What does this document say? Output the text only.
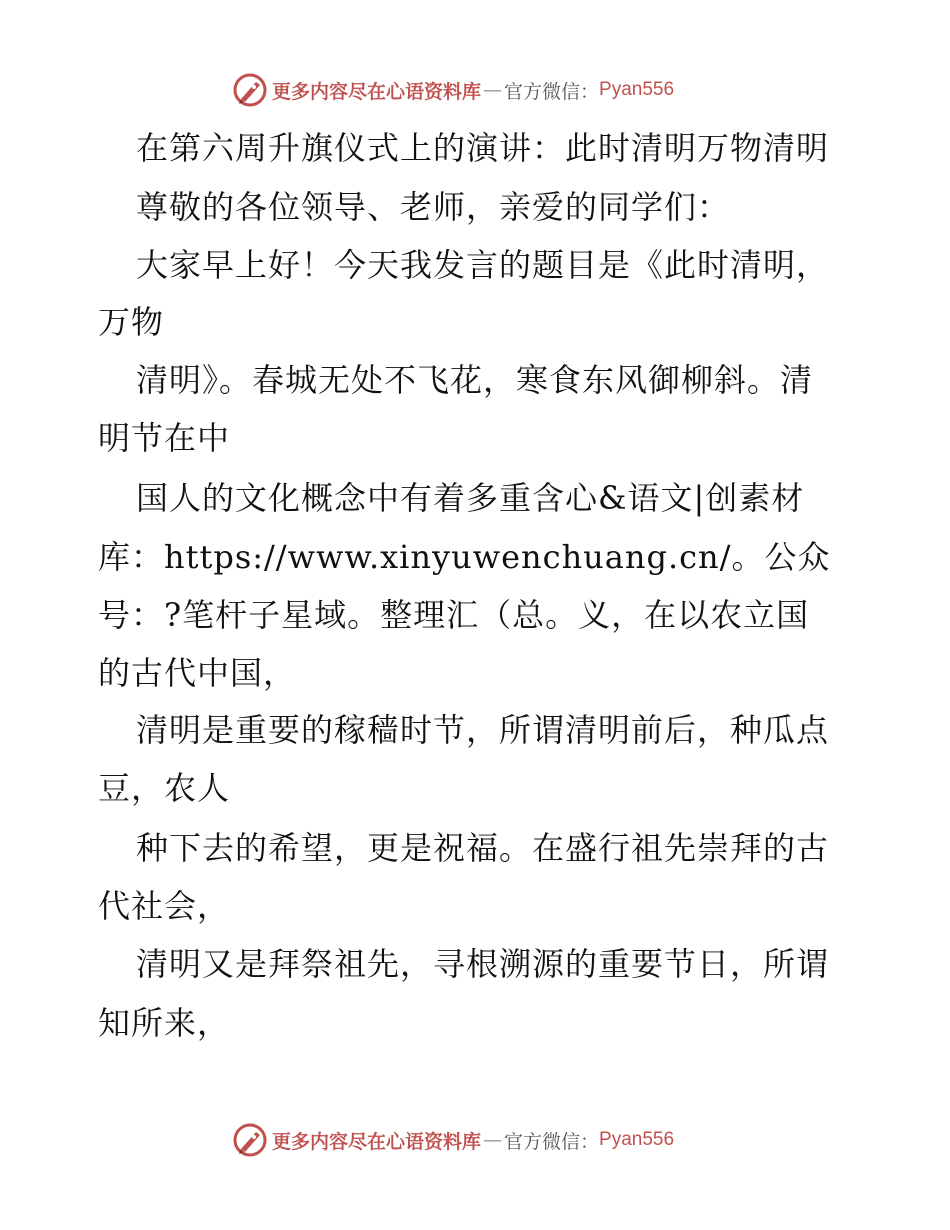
更多内容尽在心语资料库 — 官方微信： Pyan556
在第六周升旗仪式上的演讲：此时清明万物清明
尊敬的各位领导、老师，亲爱的同学们：
大家早上好！今天我发言的题目是《此时清明，
万物
清明》。春城无处不飞花，寒食东风御柳斜。清
明节在中
国人的文化概念中有着多重含心&语文|创素材
库：https://www.xinyuwenchuang.cn/。公众
号：?笔杆子星域。整理汇（总。义，在以农立国
的古代中国，
清明是重要的稼穑时节，所谓清明前后，种瓜点
豆，农人
种下去的希望，更是祝福。在盛行祖先崇拜的古
代社会，
清明又是拜祭祖先，寻根溯源的重要节日，所谓
知所来，
更多内容尽在心语资料库 — 官方微信： Pyan556
